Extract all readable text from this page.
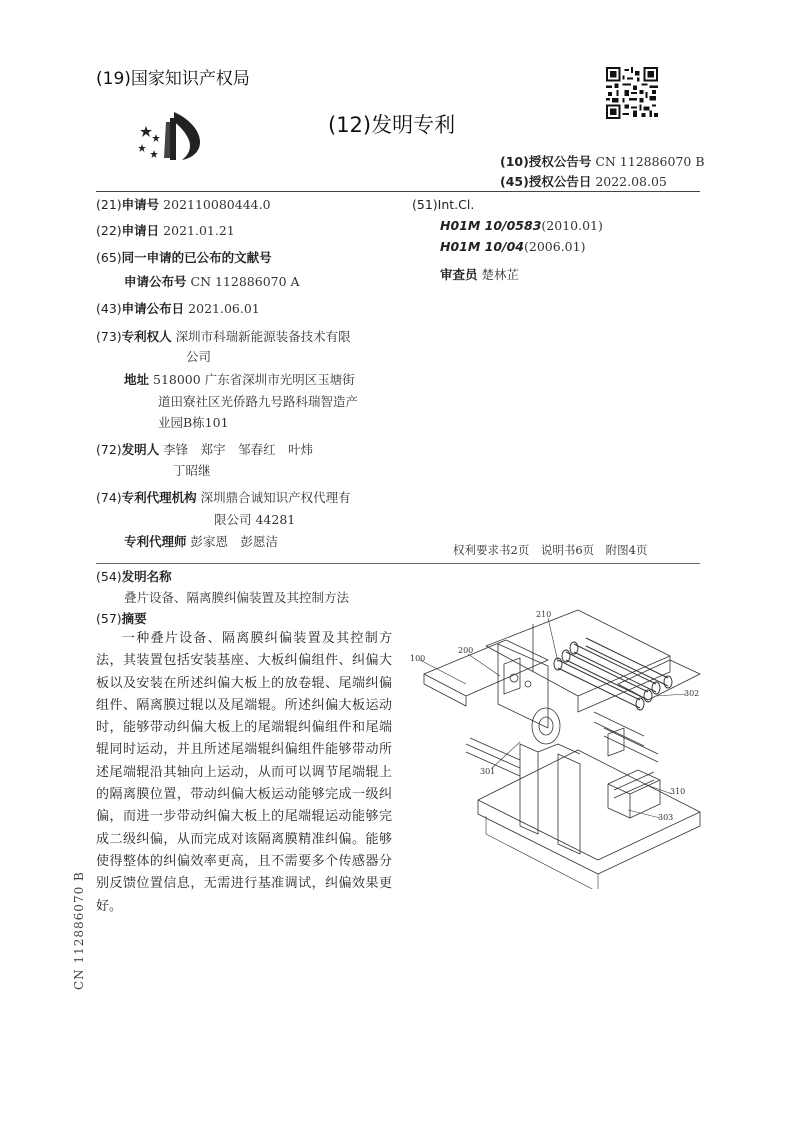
(19)国家知识产权局
(12)发明专利
(10)授权公告号 CN 112886070 B
(45)授权公告日 2022.08.05
(21)申请号 202110080444.0
(22)申请日 2021.01.21
(65)同一申请的已公布的文献号
申请公布号 CN 112886070 A
(43)申请公布日 2021.06.01
(73)专利权人 深圳市科瑞新能源装备技术有限
公司
地址 518000 广东省深圳市光明区玉塘街
道田寮社区光侨路九号路科瑞智造产
业园B栋101
(72)发明人 李锋　郑宇　邹春红　叶炜
丁昭继
(74)专利代理机构 深圳鼎合诚知识产权代理有
限公司 44281
专利代理师 彭家恩　彭愿洁
(51)Int.Cl.
H01M 10/0583(2010.01)
H01M 10/04(2006.01)
审查员 楚林芷
权利要求书2页　说明书6页　附图4页
(54)发明名称
叠片设备、隔离膜纠偏装置及其控制方法
(57)摘要
一种叠片设备、隔离膜纠偏装置及其控制方法，其装置包括安装基座、大板纠偏组件、纠偏大板以及安装在所述纠偏大板上的放卷辊、尾端纠偏组件、隔离膜过辊以及尾端辊。所述纠偏大板运动时，能够带动纠偏大板上的尾端辊纠偏组件和尾端辊同时运动，并且所述尾端辊纠偏组件能够带动所述尾端辊沿其轴向上运动，从而可以调节尾端辊上的隔离膜位置，带动纠偏大板运动能够完成一级纠偏，而进一步带动纠偏大板上的尾端辊运动能够完成二级纠偏，从而完成对该隔离膜精准纠偏。能够使得整体的纠偏效率更高，且不需要多个传感器分别反馈位置信息，无需进行基准调试，纠偏效果更好。
100
200
210
302
301
310
303
CN 112886070 B
